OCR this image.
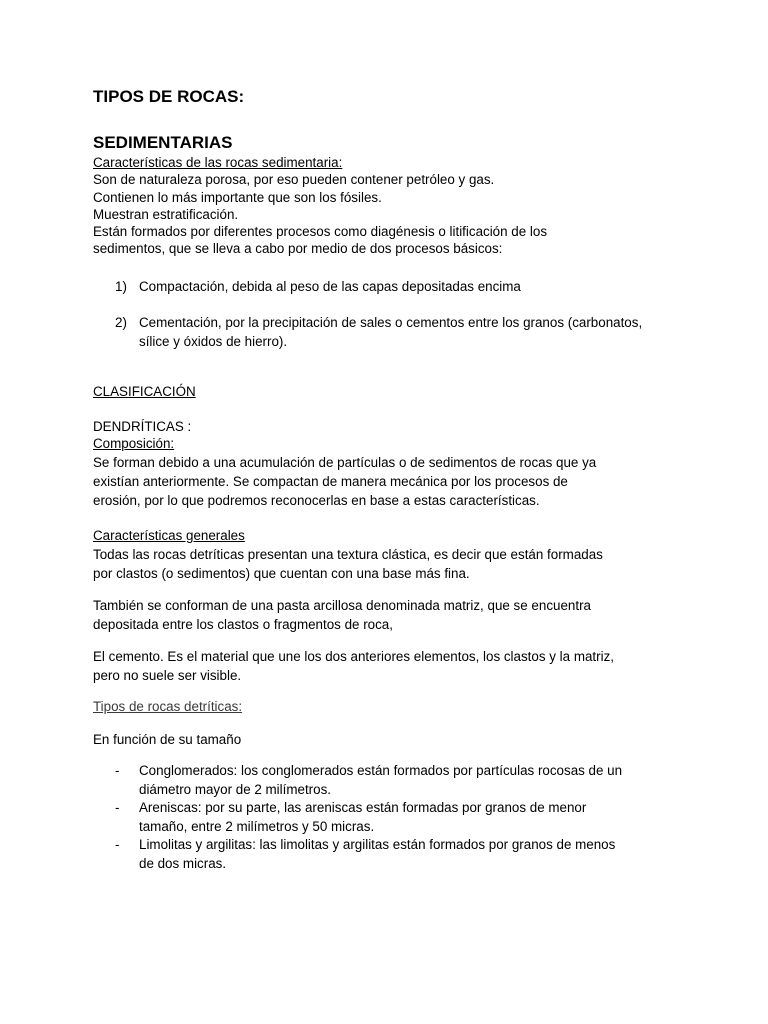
TIPOS DE ROCAS:
SEDIMENTARIAS
Características de las rocas sedimentaria:
Son de naturaleza porosa, por eso pueden contener petróleo y gas.
Contienen lo más importante que son los fósiles.
Muestran estratificación.
Están formados por diferentes procesos como diagénesis o litificación de los
sedimentos, que se lleva a cabo por medio de dos procesos básicos:
1) Compactación, debida al peso de las capas depositadas encima
2) Cementación, por la precipitación de sales o cementos entre los granos (carbonatos,
sílice y óxidos de hierro).
CLASIFICACIÓN
DENDRÍTICAS :
Composición:
Se forman debido a una acumulación de partículas o de sedimentos de rocas que ya
existían anteriormente. Se compactan de manera mecánica por los procesos de
erosión, por lo que podremos reconocerlas en base a estas características.
Características generales
Todas las rocas detríticas presentan una textura clástica, es decir que están formadas
por clastos (o sedimentos) que cuentan con una base más fina.
También se conforman de una pasta arcillosa denominada matriz, que se encuentra
depositada entre los clastos o fragmentos de roca,
El cemento. Es el material que une los dos anteriores elementos, los clastos y la matriz,
pero no suele ser visible.
Tipos de rocas detríticas:
En función de su tamaño
- Conglomerados: los conglomerados están formados por partículas rocosas de un
diámetro mayor de 2 milímetros.
- Areniscas: por su parte, las areniscas están formadas por granos de menor
tamaño, entre 2 milímetros y 50 micras.
- Limolitas y argilitas: las limolitas y argilitas están formados por granos de menos
de dos micras.
